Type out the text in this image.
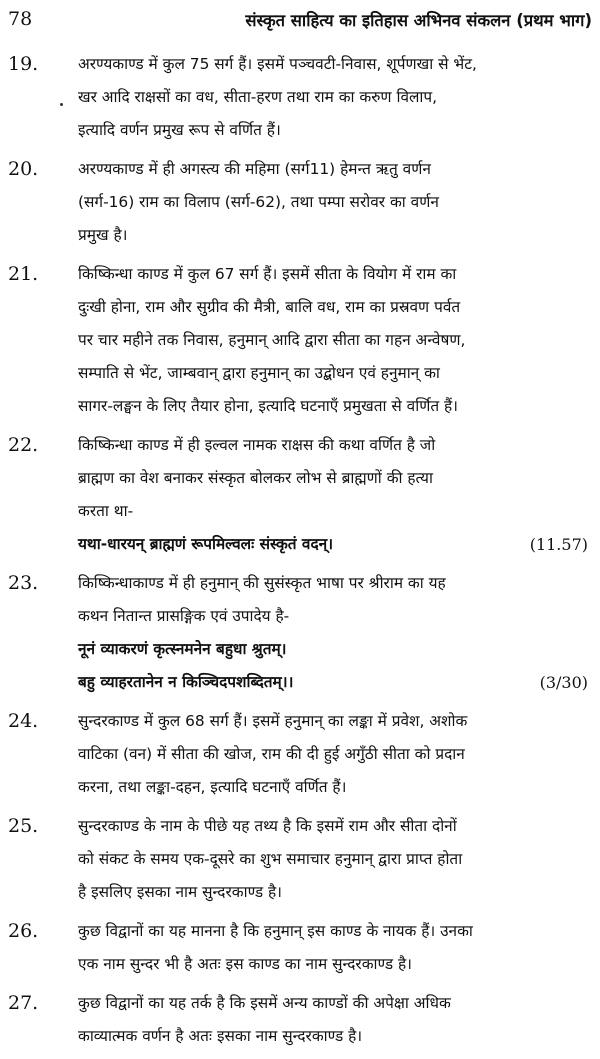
78	संस्कृत साहित्य का इतिहास अभिनव संकलन (प्रथम भाग)
19.	अरण्यकाण्ड में कुल 75 सर्ग हैं। इसमें पञ्चवटी-निवास, शूर्पणखा से भेंट,
खर आदि राक्षसों का वध, सीता-हरण तथा राम का करुण विलाप,
इत्यादि वर्णन प्रमुख रूप से वर्णित हैं।
20.	अरण्यकाण्ड में ही अगस्त्य की महिमा (सर्ग11) हेमन्त ऋतु वर्णन
(सर्ग-16) राम का विलाप (सर्ग-62), तथा पम्पा सरोवर का वर्णन
प्रमुख है।
21.	किष्किन्धा काण्ड में कुल 67 सर्ग हैं। इसमें सीता के वियोग में राम का
दुःखी होना, राम और सुग्रीव की मैत्री, बालि वध, राम का प्रस्रवण पर्वत
पर चार महीने तक निवास, हनुमान् आदि द्वारा सीता का गहन अन्वेषण,
सम्पाति से भेंट, जाम्बवान् द्वारा हनुमान् का उद्बोधन एवं हनुमान् का
सागर-लङ्घन के लिए तैयार होना, इत्यादि घटनाएँ प्रमुखता से वर्णित हैं।
22.	किष्किन्धा काण्ड में ही इल्वल नामक राक्षस की कथा वर्णित है जो
ब्राह्मण का वेश बनाकर संस्कृत बोलकर लोभ से ब्राह्मणों की हत्या
करता था-
यथा-धारयन् ब्राह्मणं रूपमिल्वलः संस्कृतं वदन्।	(11.57)
23.	किष्किन्धाकाण्ड में ही हनुमान् की सुसंस्कृत भाषा पर श्रीराम का यह
कथन नितान्त प्रासङ्गिक एवं उपादेय है-
नूनं व्याकरणं कृत्स्नमनेन बहुधा श्रुतम्।
बहु व्याहरतानेन न किञ्चिदपशब्दितम्।।	(3/30)
24.	सुन्दरकाण्ड में कुल 68 सर्ग हैं। इसमें हनुमान् का लङ्का में प्रवेश, अशोक
वाटिका (वन) में सीता की खोज, राम की दी हुई अगुँठी सीता को प्रदान
करना, तथा लङ्का-दहन, इत्यादि घटनाएँ वर्णित हैं।
25.	सुन्दरकाण्ड के नाम के पीछे यह तथ्य है कि इसमें राम और सीता दोनों
को संकट के समय एक-दूसरे का शुभ समाचार हनुमान् द्वारा प्राप्त होता
है इसलिए इसका नाम सुन्दरकाण्ड है।
26.	कुछ विद्वानों का यह मानना है कि हनुमान् इस काण्ड के नायक हैं। उनका
एक नाम सुन्दर भी है अतः इस काण्ड का नाम सुन्दरकाण्ड है।
27.	कुछ विद्वानों का यह तर्क है कि इसमें अन्य काण्डों की अपेक्षा अधिक
काव्यात्मक वर्णन है अतः इसका नाम सुन्दरकाण्ड है।
